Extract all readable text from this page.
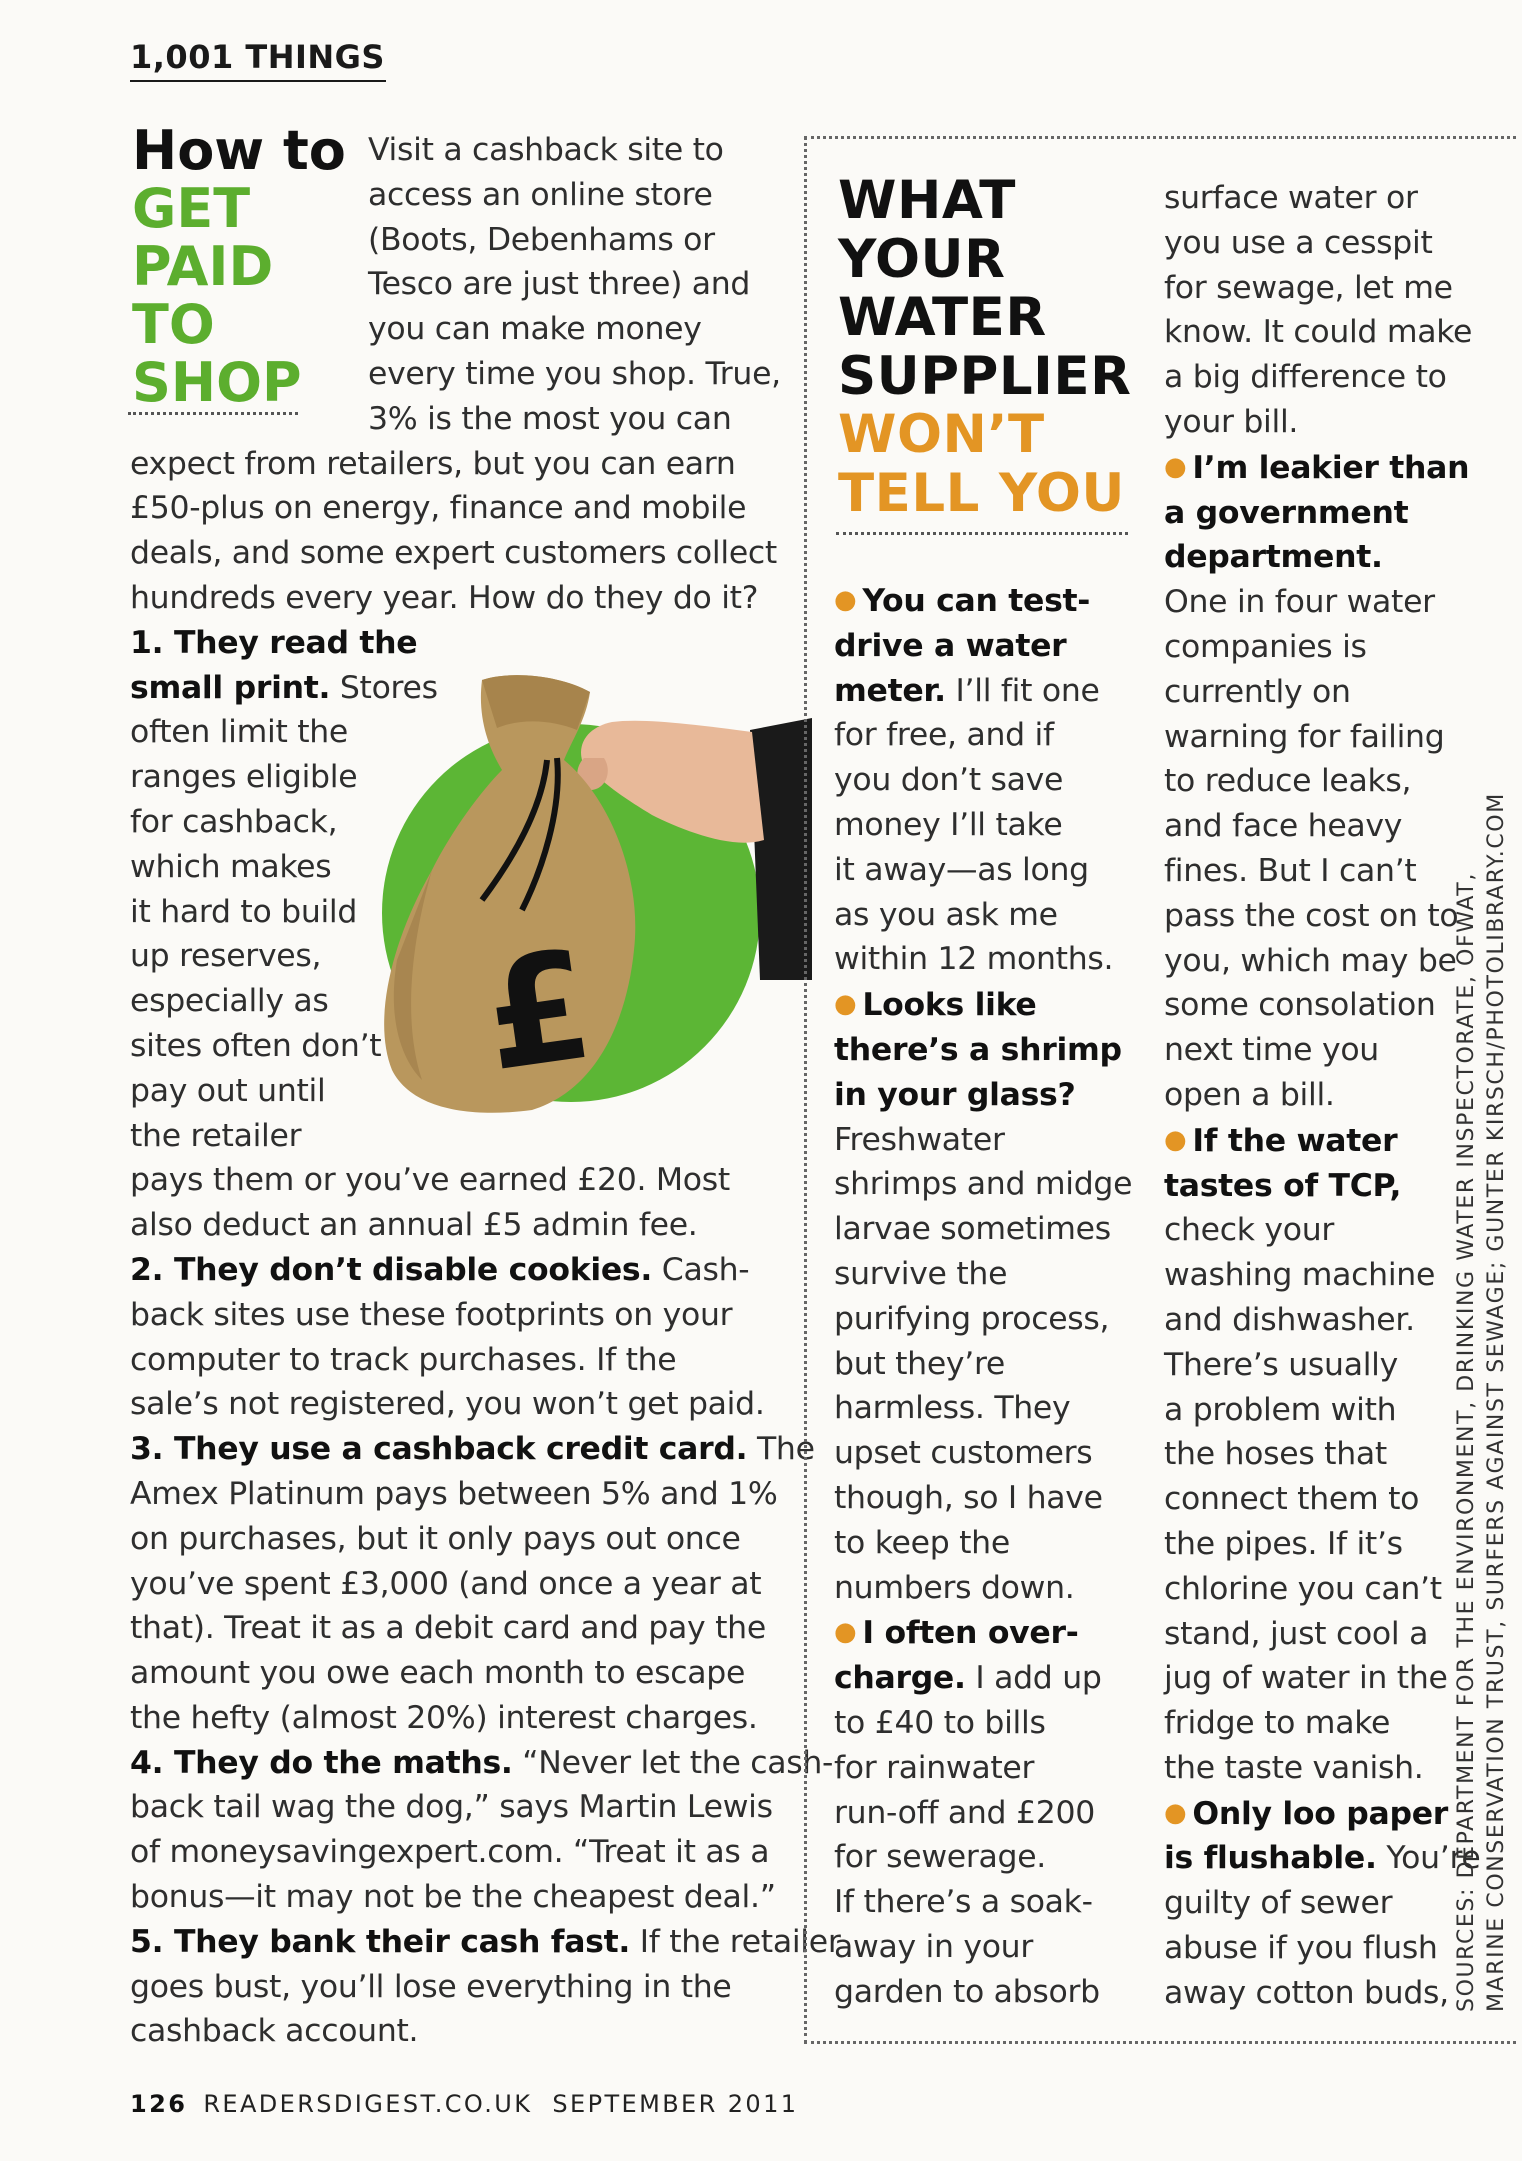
1,001 THINGS
How to
GET
PAID
TO
SHOP
Visit a cashback site to
access an online store
(Boots, Debenhams or
Tesco are just three) and
you can make money
every time you shop. True,
3% is the most you can
expect from retailers, but you can earn
£50-plus on energy, finance and mobile
deals, and some expert customers collect
hundreds every year. How do they do it?
1. They read the
small print. Stores
often limit the
ranges eligible
for cashback,
which makes
it hard to build
up reserves,
especially as
sites often don’t
pay out until
the retailer
pays them or you’ve earned £20. Most
also deduct an annual £5 admin fee.
2. They don’t disable cookies. Cash-
back sites use these footprints on your
computer to track purchases. If the
sale’s not registered, you won’t get paid.
3. They use a cashback credit card. The
Amex Platinum pays between 5% and 1%
on purchases, but it only pays out once
you’ve spent £3,000 (and once a year at
that). Treat it as a debit card and pay the
amount you owe each month to escape
the hefty (almost 20%) interest charges.
4. They do the maths. “Never let the cash-
back tail wag the dog,” says Martin Lewis
of moneysavingexpert.com. “Treat it as a
bonus—it may not be the cheapest deal.”
5. They bank their cash fast. If the retailer
goes bust, you’ll lose everything in the
cashback account.
£
WHAT
YOUR
WATER
SUPPLIER
WON’T
TELL YOU
● You can test-
drive a water
meter. I’ll fit one
for free, and if
you don’t save
money I’ll take
it away—as long
as you ask me
within 12 months.
● Looks like
there’s a shrimp
in your glass?
Freshwater
shrimps and midge
larvae sometimes
survive the
purifying process,
but they’re
harmless. They
upset customers
though, so I have
to keep the
numbers down.
● I often over-
charge. I add up
to £40 to bills
for rainwater
run-off and £200
for sewerage.
If there’s a soak-
away in your
garden to absorb
surface water or
you use a cesspit
for sewage, let me
know. It could make
a big difference to
your bill.
● I’m leakier than
a government
department.
One in four water
companies is
currently on
warning for failing
to reduce leaks,
and face heavy
fines. But I can’t
pass the cost on to
you, which may be
some consolation
next time you
open a bill.
● If the water
tastes of TCP,
check your
washing machine
and dishwasher.
There’s usually
a problem with
the hoses that
connect them to
the pipes. If it’s
chlorine you can’t
stand, just cool a
jug of water in the
fridge to make
the taste vanish.
● Only loo paper
is flushable. You’re
guilty of sewer
abuse if you flush
away cotton buds, SOURCES: DEPARTMENT FOR THE ENVIRONMENT, DRINKING WATER INSPECTORATE, OFWAT, MARINE CONSERVATION TRUST, SURFERS AGAINST SEWAGE; GUNTER KIRSCH/PHOTOLIBRARY.COM
126 READERSDIGEST.CO.UK  SEPTEMBER 2011
